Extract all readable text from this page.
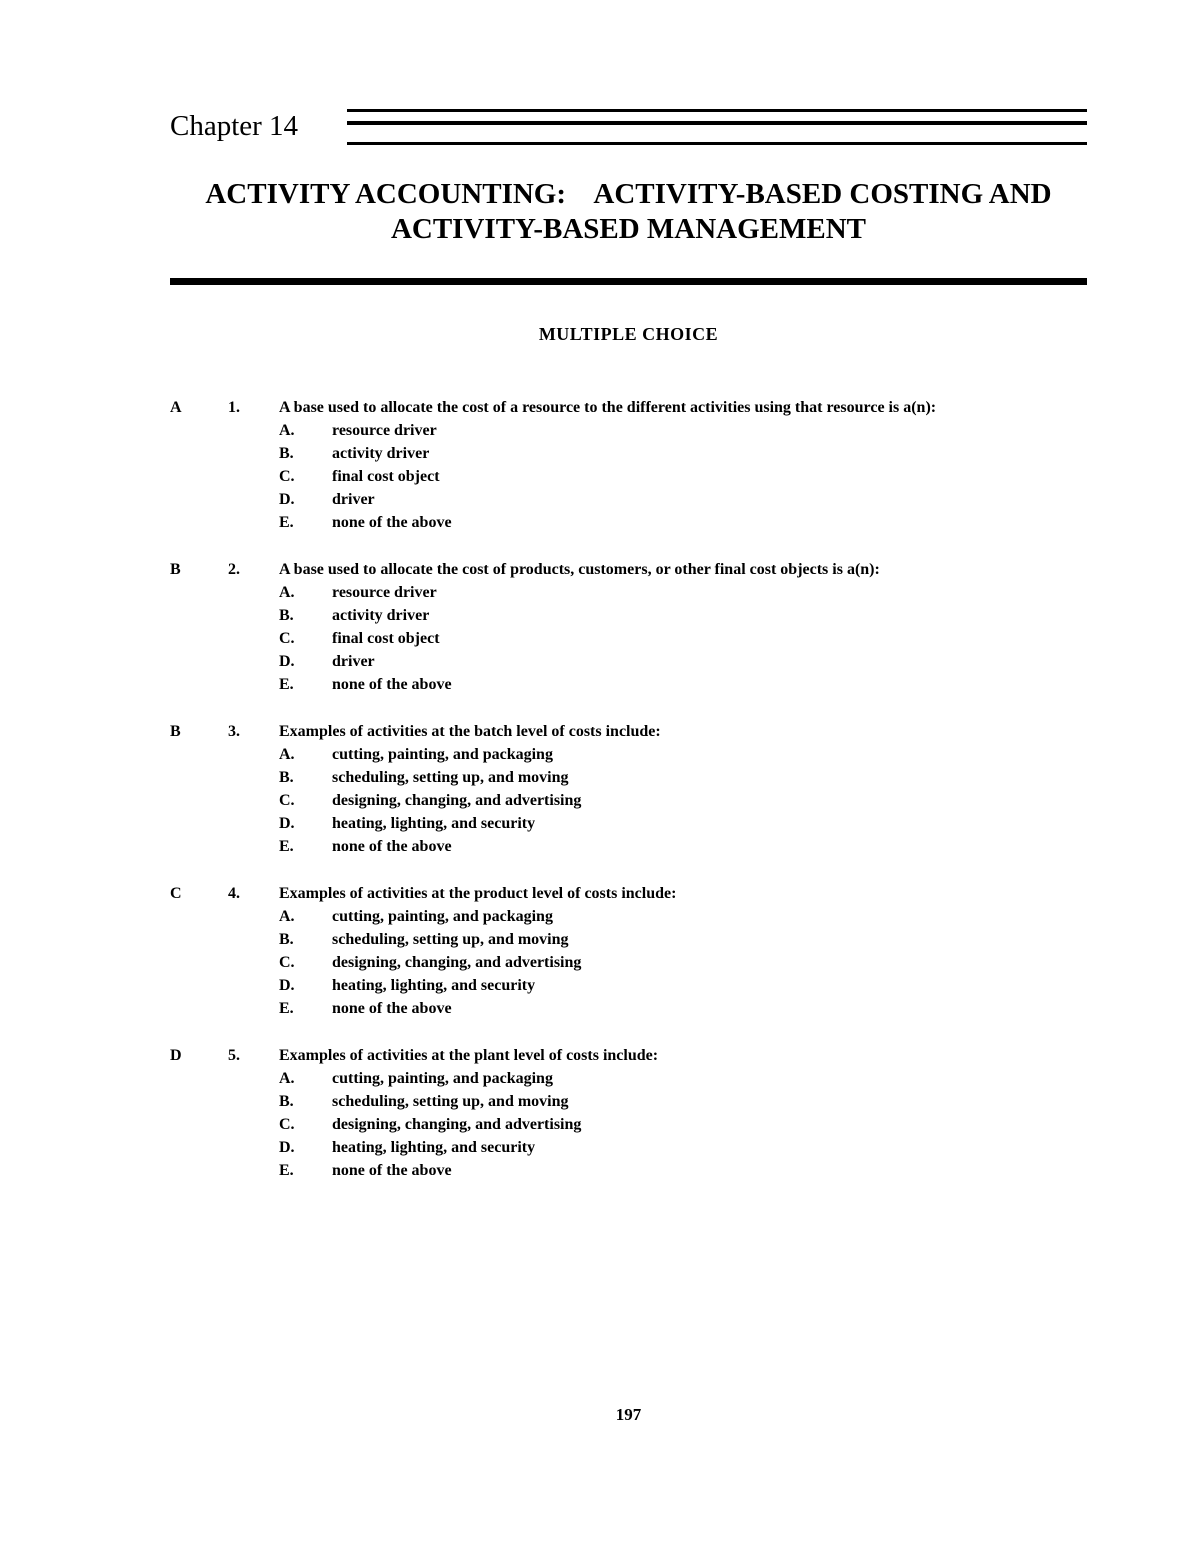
Chapter 14
ACTIVITY ACCOUNTING:    ACTIVITY-BASED COSTING AND
ACTIVITY-BASED MANAGEMENT
MULTIPLE CHOICE
A	1. A base used to allocate the cost of a resource to the different activities using that resource is a(n):
A. resource driver
B. activity driver
C. final cost object
D. driver
E. none of the above
B	2. A base used to allocate the cost of products, customers, or other final cost objects is a(n):
A. resource driver
B. activity driver
C. final cost object
D. driver
E. none of the above
B	3. Examples of activities at the batch level of costs include:
A. cutting, painting, and packaging
B. scheduling, setting up, and moving
C. designing, changing, and advertising
D. heating, lighting, and security
E. none of the above
C	4. Examples of activities at the product level of costs include:
A. cutting, painting, and packaging
B. scheduling, setting up, and moving
C. designing, changing, and advertising
D. heating, lighting, and security
E. none of the above
D	5. Examples of activities at the plant level of costs include:
A. cutting, painting, and packaging
B. scheduling, setting up, and moving
C. designing, changing, and advertising
D. heating, lighting, and security
E. none of the above
197
